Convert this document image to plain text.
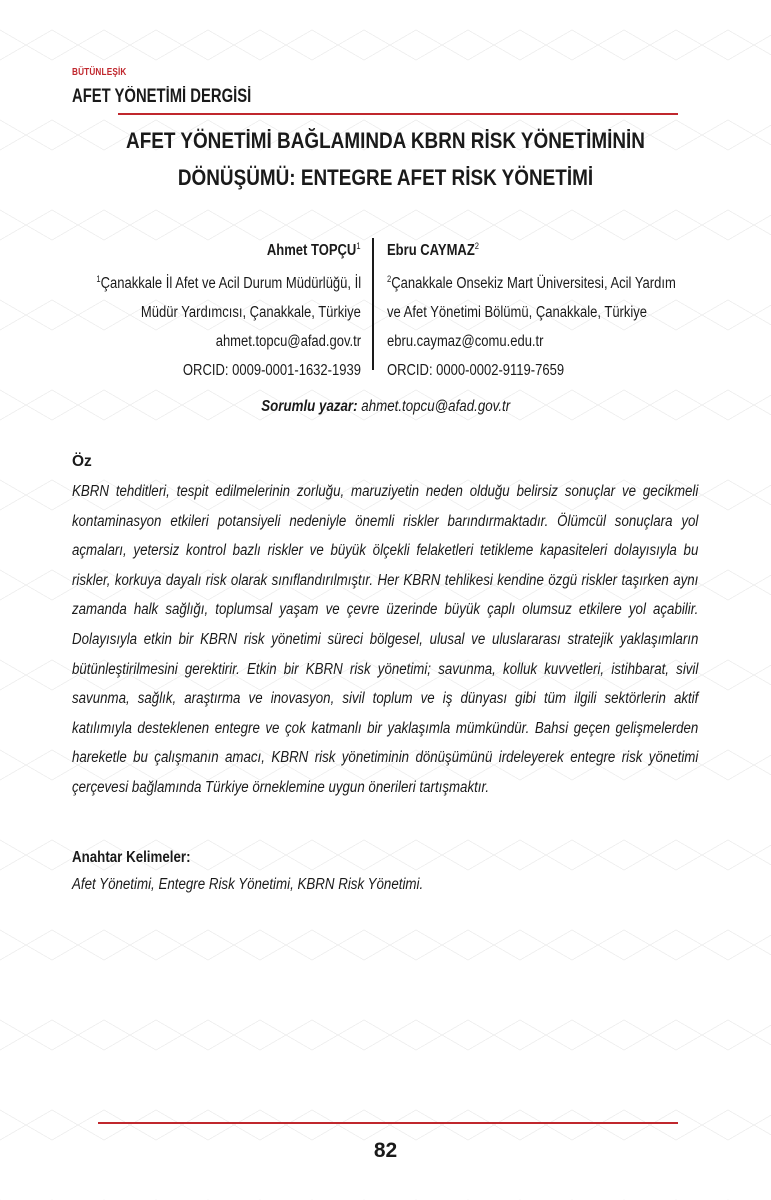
BÜTÜNLEŞİK
AFET YÖNETİMİ DERGİSİ
AFET YÖNETİMİ BAĞLAMINDA KBRN RİSK YÖNETİMİNİN
DÖNÜŞÜMÜ: ENTEGRE AFET RİSK YÖNETİMİ
Ahmet TOPÇU$^1$
$^1$Çanakkale İl Afet ve Acil Durum Müdürlüğü, İl
Müdür Yardımcısı, Çanakkale, Türkiye
ahmet.topcu@afad.gov.tr
ORCID: 0009-0001-1632-1939
Ebru CAYMAZ$^2$
$^2$Çanakkale Onsekiz Mart Üniversitesi, Acil Yardım
ve Afet Yönetimi Bölümü, Çanakkale, Türkiye
ebru.caymaz@comu.edu.tr
ORCID: 0000-0002-9119-7659
Sorumlu yazar: ahmet.topcu@afad.gov.tr
Öz
KBRN tehditleri, tespit edilmelerinin zorluğu, maruziyetin neden olduğu belirsiz sonuçlar ve gecikmeli kontaminasyon etkileri potansiyeli nedeniyle önemli riskler barındırmaktadır. Ölümcül sonuçlara yol açmaları, yetersiz kontrol bazlı riskler ve büyük ölçekli felaketleri tetikleme kapasiteleri dolayısıyla bu riskler, korkuya dayalı risk olarak sınıflandırılmıştır. Her KBRN tehlikesi kendine özgü riskler taşırken aynı zamanda halk sağlığı, toplumsal yaşam ve çevre üzerinde büyük çaplı olumsuz etkilere yol açabilir. Dolayısıyla etkin bir KBRN risk yönetimi süreci bölgesel, ulusal ve uluslararası stratejik yaklaşımların bütünleştirilmesini gerektirir. Etkin bir KBRN risk yönetimi; savunma, kolluk kuvvetleri, istihbarat, sivil savunma, sağlık, araştırma ve inovasyon, sivil toplum ve iş dünyası gibi tüm ilgili sektörlerin aktif katılımıyla desteklenen entegre ve çok katmanlı bir yaklaşımla mümkündür. Bahsi geçen gelişmelerden hareketle bu çalışmanın amacı, KBRN risk yönetiminin dönüşümünü irdeleyerek entegre risk yönetimi çerçevesi bağlamında Türkiye örneklemine uygun önerileri tartışmaktır.
Anahtar Kelimeler:
Afet Yönetimi, Entegre Risk Yönetimi, KBRN Risk Yönetimi.
82
